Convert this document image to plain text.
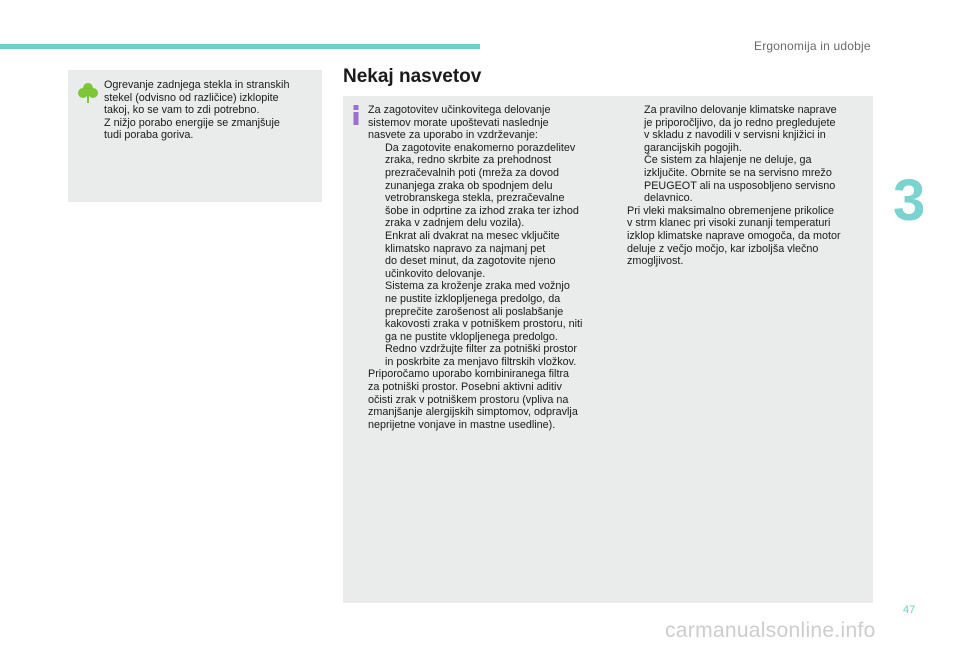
Ergonomija in udobje
3

Ogrevanje zadnjega stekla in stranskih
stekel (odvisno od različice) izklopite
takoj, ko se vam to zdi potrebno.
Z nižjo porabo energije se zmanjšuje
tudi poraba goriva.

Nekaj nasvetov

Za zagotovitev učinkovitega delovanje
sistemov morate upoštevati naslednje
nasvete za uporabo in vzdrževanje:

Da zagotovite enakomerno porazdelitev
zraka, redno skrbite za prehodnost
prezračevalnih poti (mreža za dovod
zunanjega zraka ob spodnjem delu
vetrobranskega stekla, prezračevalne
šobe in odprtine za izhod zraka ter izhod
zraka v zadnjem delu vozila).
Enkrat ali dvakrat na mesec vključite
klimatsko napravo za najmanj pet
do deset minut, da zagotovite njeno
učinkovito delovanje.
Sistema za kroženje zraka med vožnjo
ne pustite izklopljenega predolgo, da
preprečite zarošenost ali poslabšanje
kakovosti zraka v potniškem prostoru, niti
ga ne pustite vklopljenega predolgo.
Redno vzdržujte filter za potniški prostor
in poskrbite za menjavo filtrskih vložkov.

Priporočamo uporabo kombiniranega filtra
za potniški prostor. Posebni aktivni aditiv
očisti zrak v potniškem prostoru (vpliva na
zmanjšanje alergijskih simptomov, odpravlja
neprijetne vonjave in mastne usedline).

Za pravilno delovanje klimatske naprave
je priporočljivo, da jo redno pregledujete
v skladu z navodili v servisni knjižici in
garancijskih pogojih.
Če sistem za hlajenje ne deluje, ga
izključite. Obrnite se na servisno mrežo
PEUGEOT ali na usposobljeno servisno
delavnico.

Pri vleki maksimalno obremenjene prikolice
v strm klanec pri visoki zunanji temperaturi
izklop klimatske naprave omogoča, da motor
deluje z večjo močjo, kar izboljša vlečno
zmogljivost.

47
carmanualsonline.info
